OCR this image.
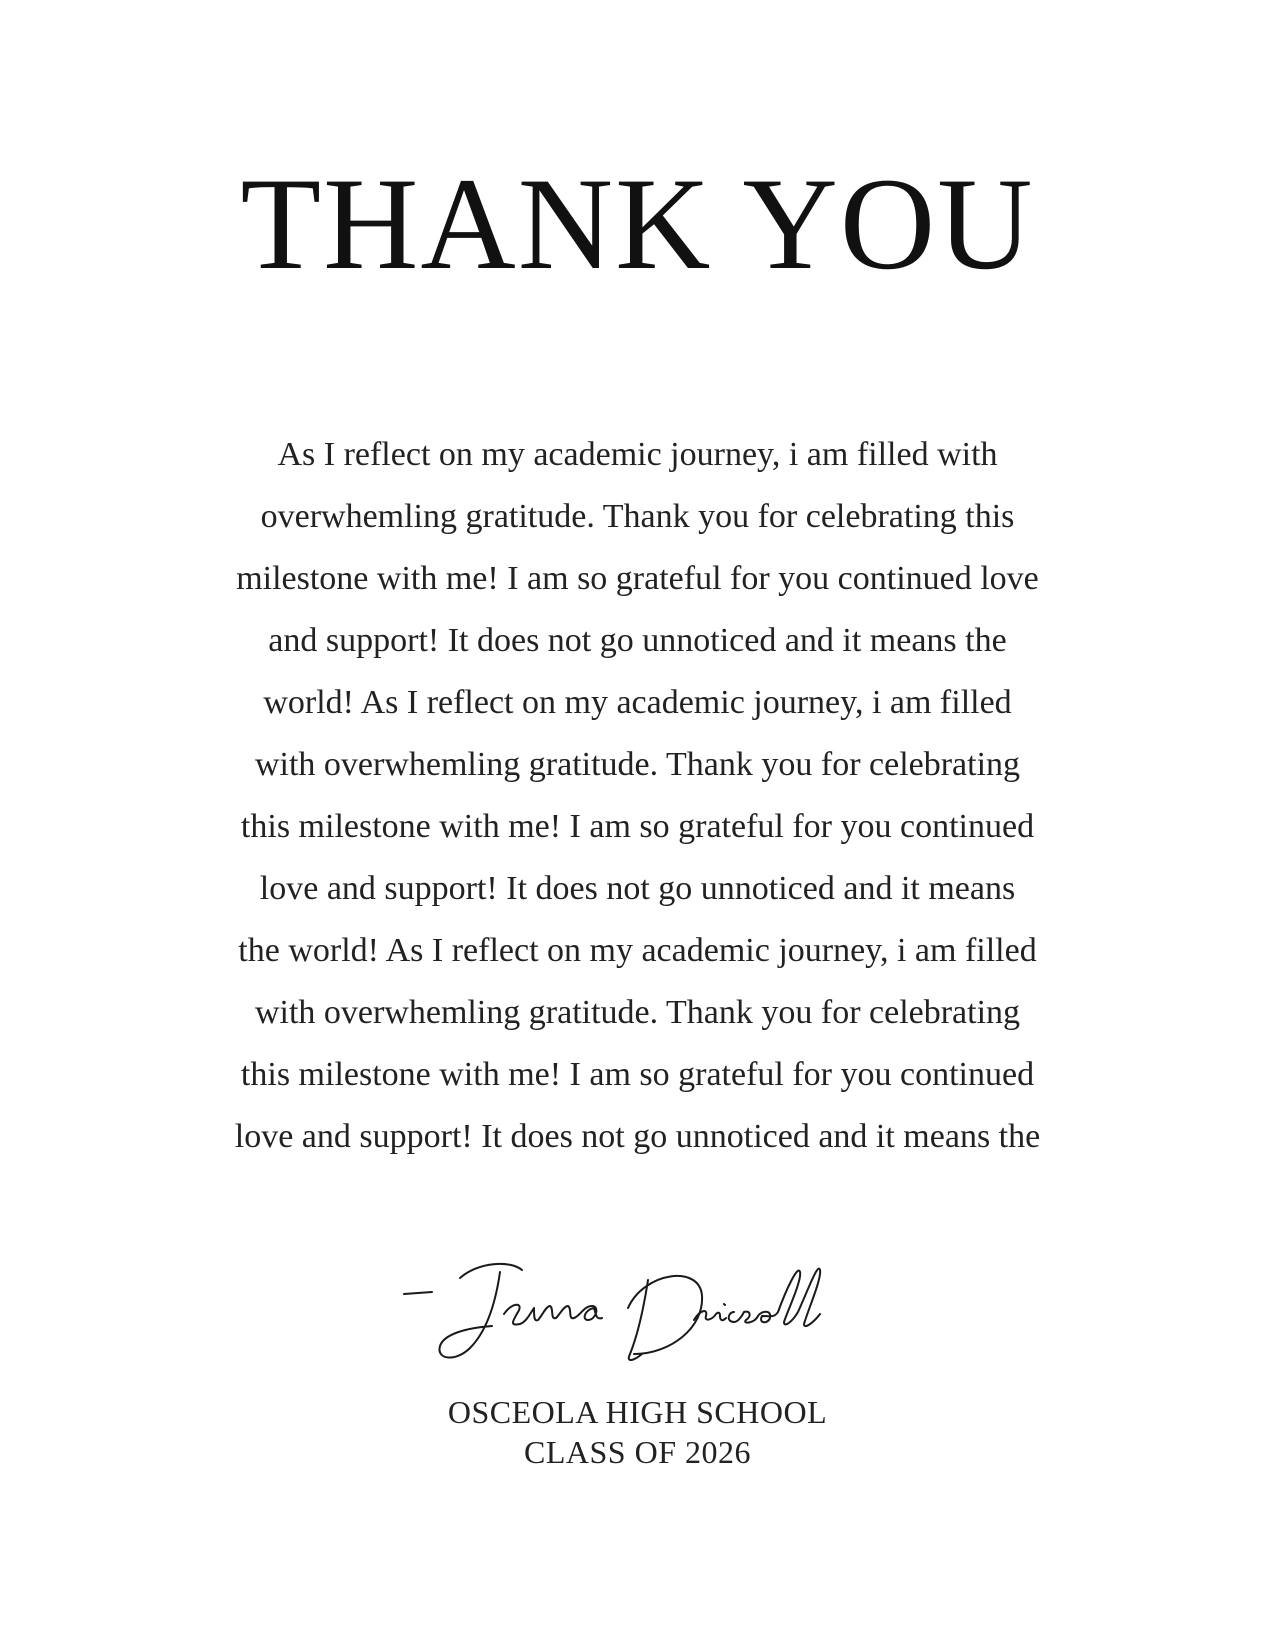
THANK YOU

As I reflect on my academic journey, i am filled with
overwhemling gratitude. Thank you for celebrating this
milestone with me! I am so grateful for you continued love
and support! It does not go unnoticed and it means the
world! As I reflect on my academic journey, i am filled
with overwhemling gratitude. Thank you for celebrating
this milestone with me! I am so grateful for you continued
love and support! It does not go unnoticed and it means
the world! As I reflect on my academic journey, i am filled
with overwhemling gratitude. Thank you for celebrating
this milestone with me! I am so grateful for you continued
love and support! It does not go unnoticed and it means the

OSCEOLA HIGH SCHOOL
CLASS OF 2026
